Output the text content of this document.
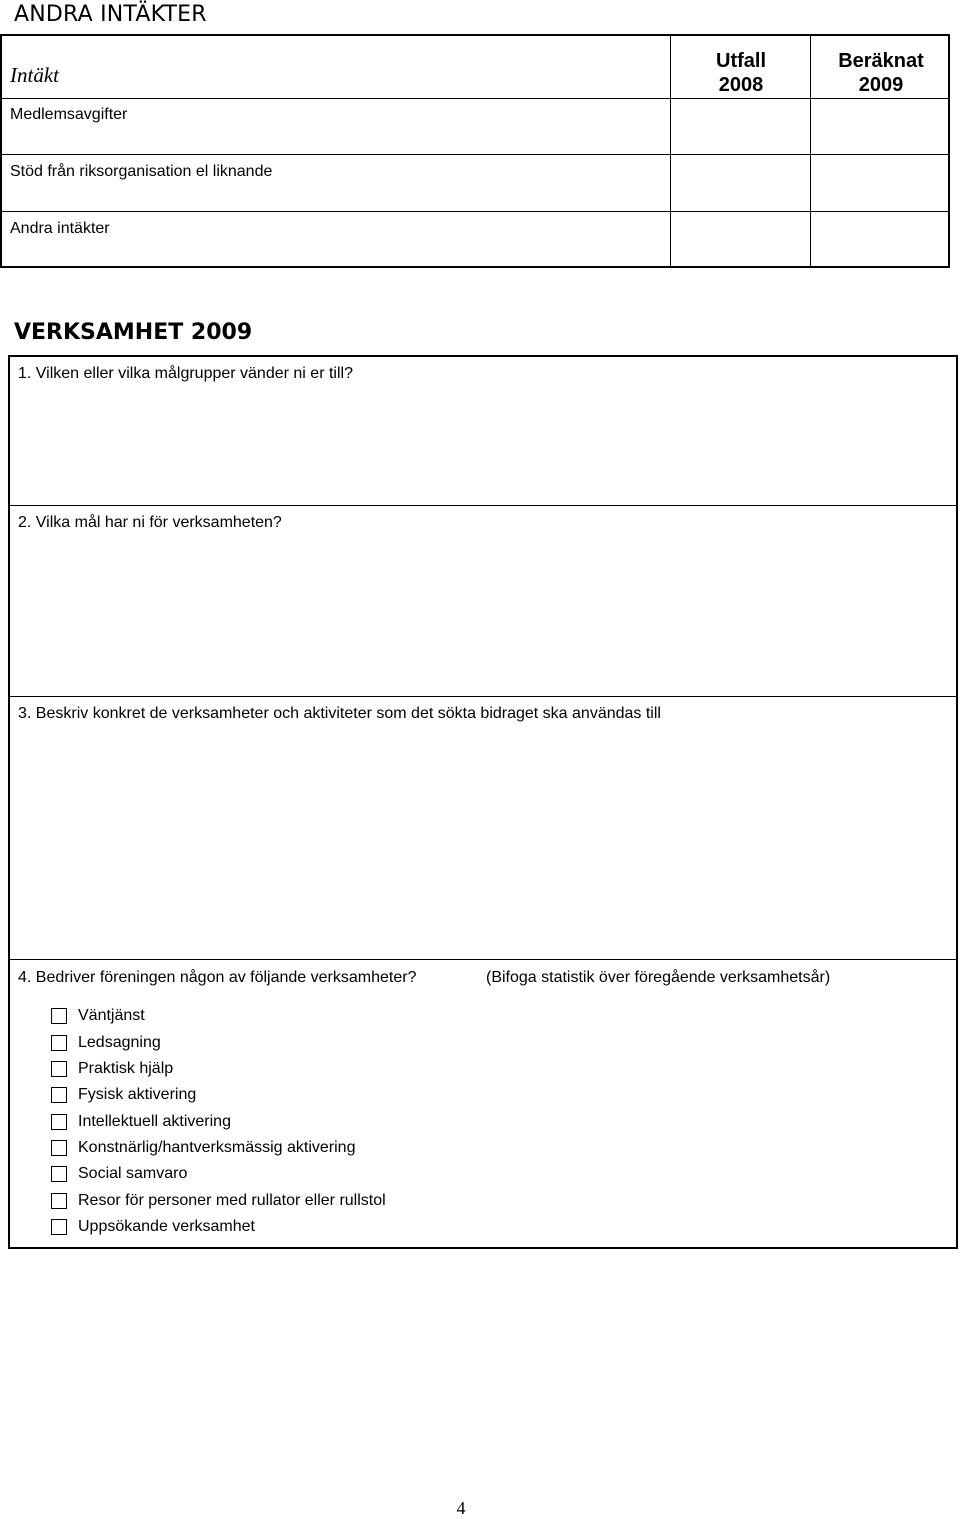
ANDRA INTÄKTER
Intäkt
Utfall
2008
Beräknat
2009
Medlemsavgifter
Stöd från riksorganisation el liknande
Andra intäkter
VERKSAMHET 2009
1. Vilken eller vilka målgrupper vänder ni er till?
2. Vilka mål har ni för verksamheten?
3. Beskriv konkret de verksamheter och aktiviteter som det sökta bidraget ska användas till
4. Bedriver föreningen någon av följande verksamheter?	(Bifoga statistik över föregående verksamhetsår)
Väntjänst
Ledsagning
Praktisk hjälp
Fysisk aktivering
Intellektuell aktivering
Konstnärlig/hantverksmässig aktivering
Social samvaro
Resor för personer med rullator eller rullstol
Uppsökande verksamhet
4
